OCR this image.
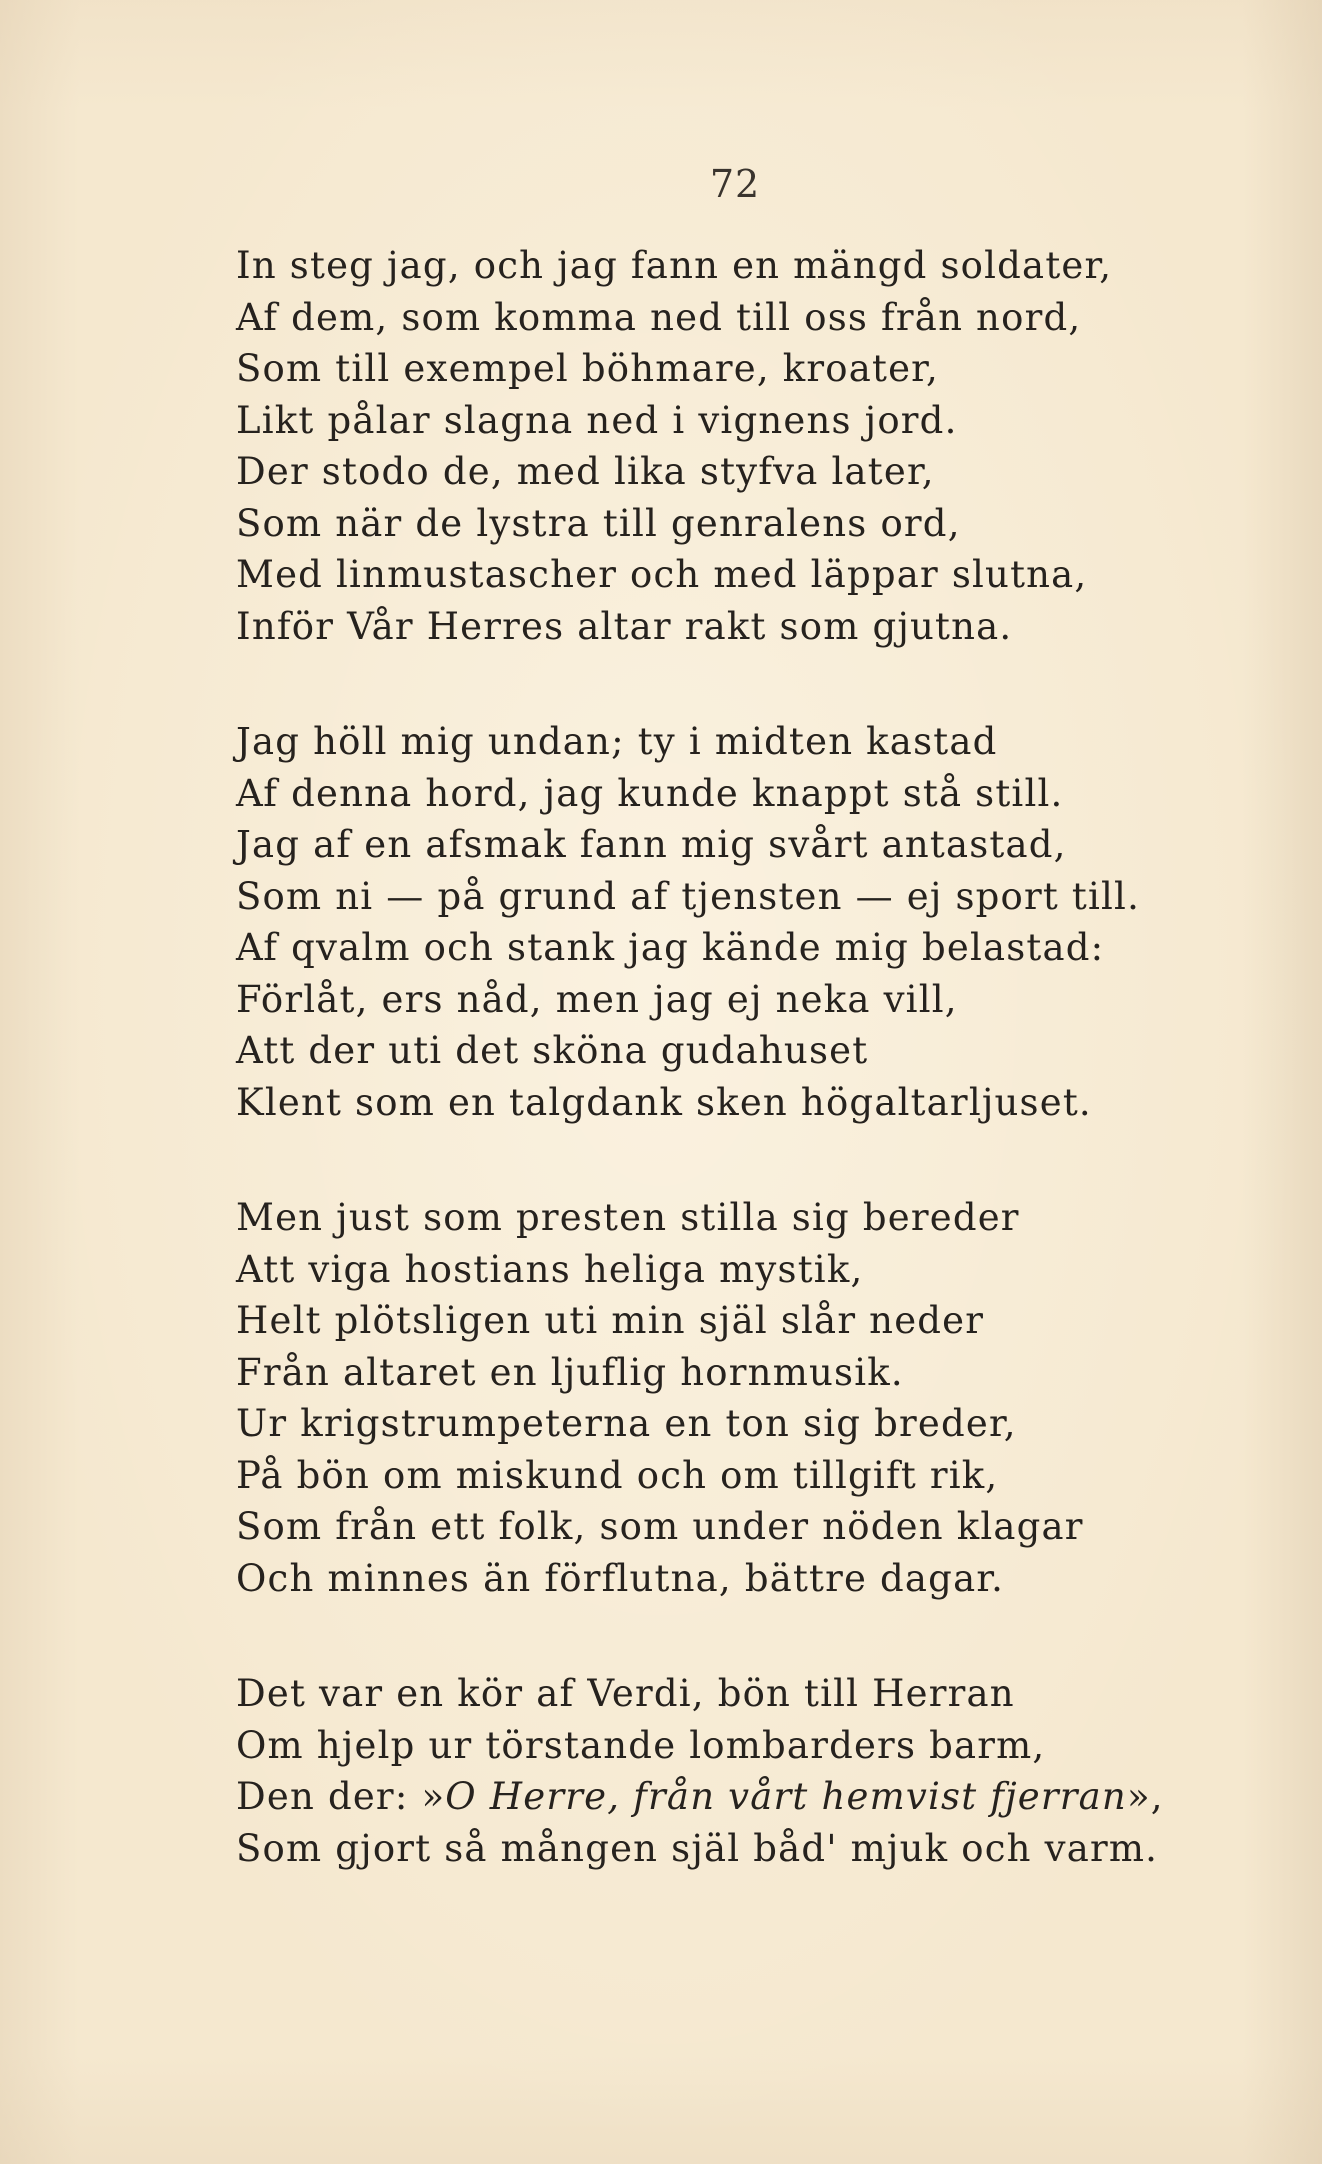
72
In steg jag, och jag fann en mängd soldater,
Af dem, som komma ned till oss från nord,
Som till exempel böhmare, kroater,
Likt pålar slagna ned i vignens jord.
Der stodo de, med lika styfva later,
Som när de lystra till genralens ord,
Med linmustascher och med läppar slutna,
Inför Vår Herres altar rakt som gjutna.
Jag höll mig undan; ty i midten kastad
Af denna hord, jag kunde knappt stå still.
Jag af en afsmak fann mig svårt antastad,
Som ni — på grund af tjensten — ej sport till.
Af qvalm och stank jag kände mig belastad:
Förlåt, ers nåd, men jag ej neka vill,
Att der uti det sköna gudahuset
Klent som en talgdank sken högaltarljuset.
Men just som presten stilla sig bereder
Att viga hostians heliga mystik,
Helt plötsligen uti min själ slår neder
Från altaret en ljuflig hornmusik.
Ur krigstrumpeterna en ton sig breder,
På bön om miskund och om tillgift rik,
Som från ett folk, som under nöden klagar
Och minnes än förflutna, bättre dagar.
Det var en kör af Verdi, bön till Herran
Om hjelp ur törstande lombarders barm,
Den der: »O Herre, från vårt hemvist fjerran»,
Som gjort så mången själ båd' mjuk och varm.
